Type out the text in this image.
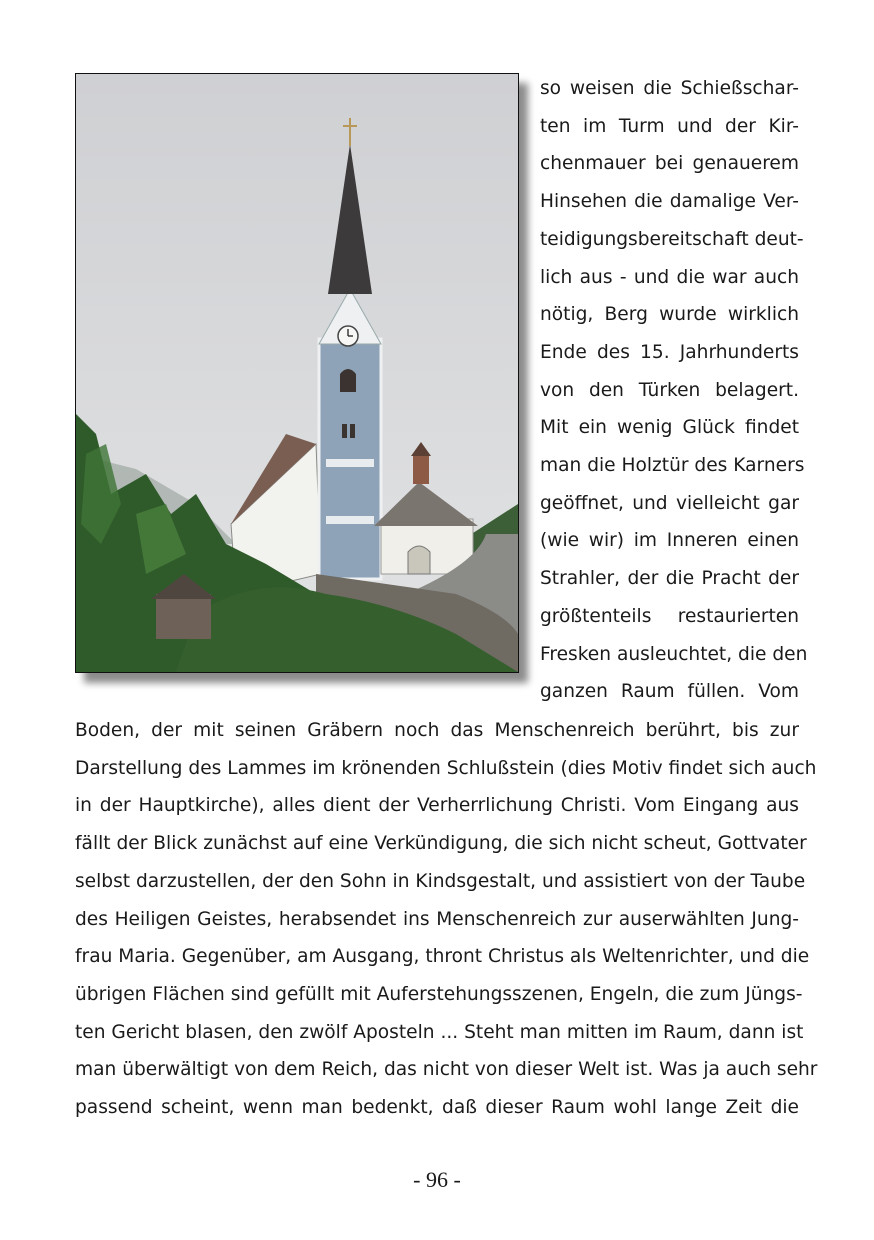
so weisen die Schießschar-
ten im Turm und der Kir-
chenmauer bei genauerem
Hinsehen die damalige Ver-
teidigungsbereitschaft deut-
lich aus - und die war auch
nötig, Berg wurde wirklich
Ende des 15. Jahrhunderts
von den Türken belagert.
Mit ein wenig Glück findet
man die Holztür des Karners
geöffnet, und vielleicht gar
(wie wir) im Inneren einen
Strahler, der die Pracht der
größtenteils restaurierten
Fresken ausleuchtet, die den
ganzen Raum füllen. Vom
Boden, der mit seinen Gräbern noch das Menschenreich berührt, bis zur
Darstellung des Lammes im krönenden Schlußstein (dies Motiv findet sich auch
in der Hauptkirche), alles dient der Verherrlichung Christi. Vom Eingang aus
fällt der Blick zunächst auf eine Verkündigung, die sich nicht scheut, Gottvater
selbst darzustellen, der den Sohn in Kindsgestalt, und assistiert von der Taube
des Heiligen Geistes, herabsendet ins Menschenreich zur auserwählten Jung-
frau Maria. Gegenüber, am Ausgang, thront Christus als Weltenrichter, und die
übrigen Flächen sind gefüllt mit Auferstehungsszenen, Engeln, die zum Jüngs-
ten Gericht blasen, den zwölf Aposteln ... Steht man mitten im Raum, dann ist
man überwältigt von dem Reich, das nicht von dieser Welt ist. Was ja auch sehr
passend scheint, wenn man bedenkt, daß dieser Raum wohl lange Zeit die
- 96 -
